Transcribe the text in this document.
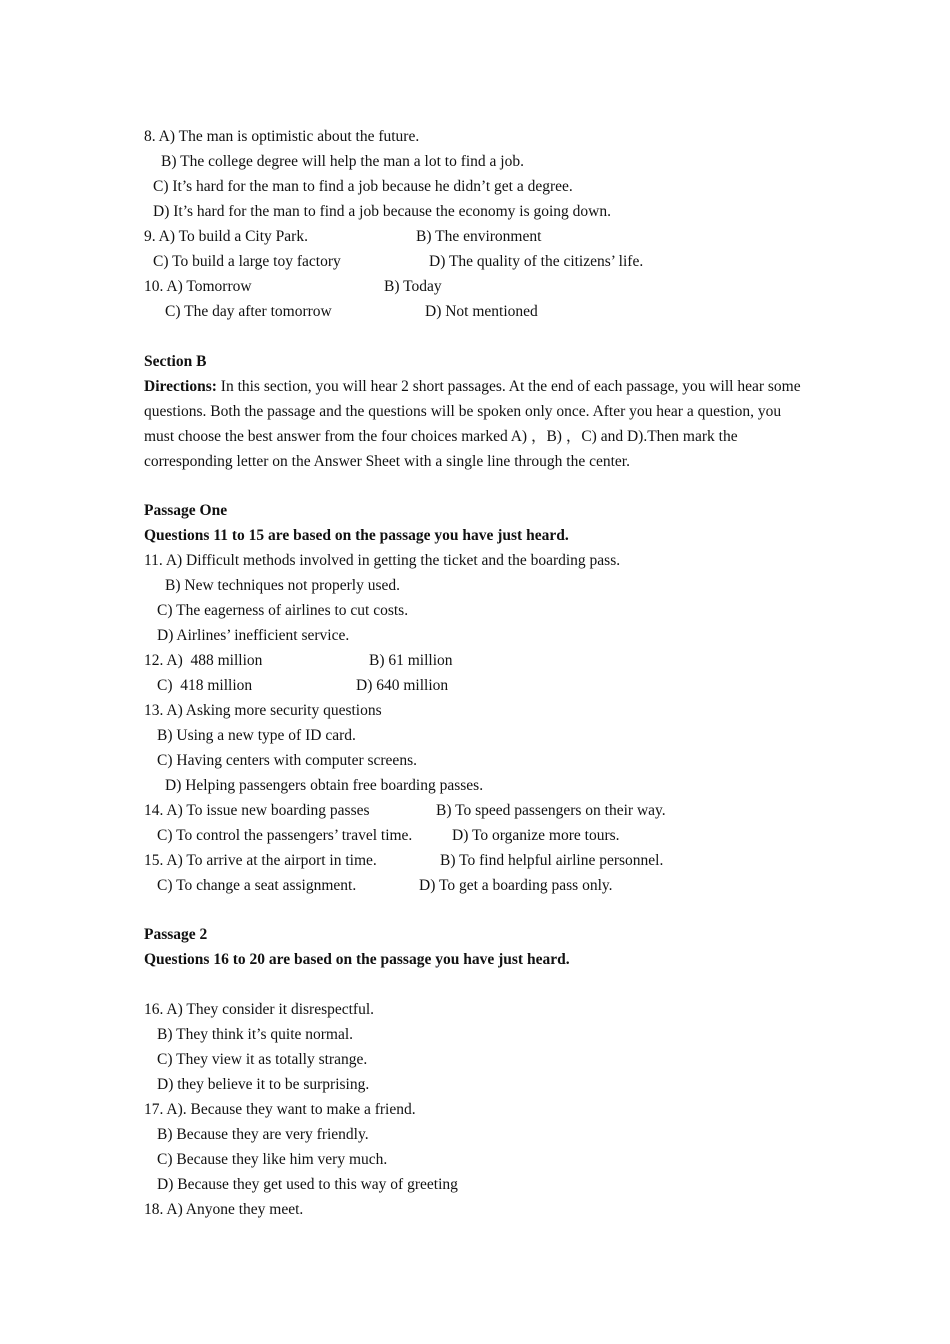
8. A) The man is optimistic about the future.
B) The college degree will help the man a lot to find a job.
C) It’s hard for the man to find a job because he didn’t get a degree.
D) It’s hard for the man to find a job because the economy is going down.
9. A) To build a City Park.	B) The environment
C) To build a large toy factory	D) The quality of the citizens’ life.
10. A) Tomorrow	B) Today
C) The day after tomorrow	D) Not mentioned
Section B
Directions: In this section, you will hear 2 short passages. At the end of each passage, you will hear some questions. Both the passage and the questions will be spoken only once. After you hear a question, you must choose the best answer from the four choices marked A) ，B) ，C) and D).Then mark the corresponding letter on the Answer Sheet with a single line through the center.
Passage One
Questions 11 to 15 are based on the passage you have just heard.
11. A) Difficult methods involved in getting the ticket and the boarding pass.
B) New techniques not properly used.
C) The eagerness of airlines to cut costs.
D) Airlines’ inefficient service.
12. A)  488 million	B) 61 million
C)  418 million	D) 640 million
13. A) Asking more security questions
B) Using a new type of ID card.
C) Having centers with computer screens.
D) Helping passengers obtain free boarding passes.
14. A) To issue new boarding passes	B) To speed passengers on their way.
C) To control the passengers’ travel time.	D) To organize more tours.
15. A) To arrive at the airport in time.	B) To find helpful airline personnel.
C) To change a seat assignment.	D) To get a boarding pass only.
Passage 2
Questions 16 to 20 are based on the passage you have just heard.
16. A) They consider it disrespectful.
B) They think it’s quite normal.
C) They view it as totally strange.
D) they believe it to be surprising.
17. A). Because they want to make a friend.
B) Because they are very friendly.
C) Because they like him very much.
D) Because they get used to this way of greeting
18. A) Anyone they meet.
